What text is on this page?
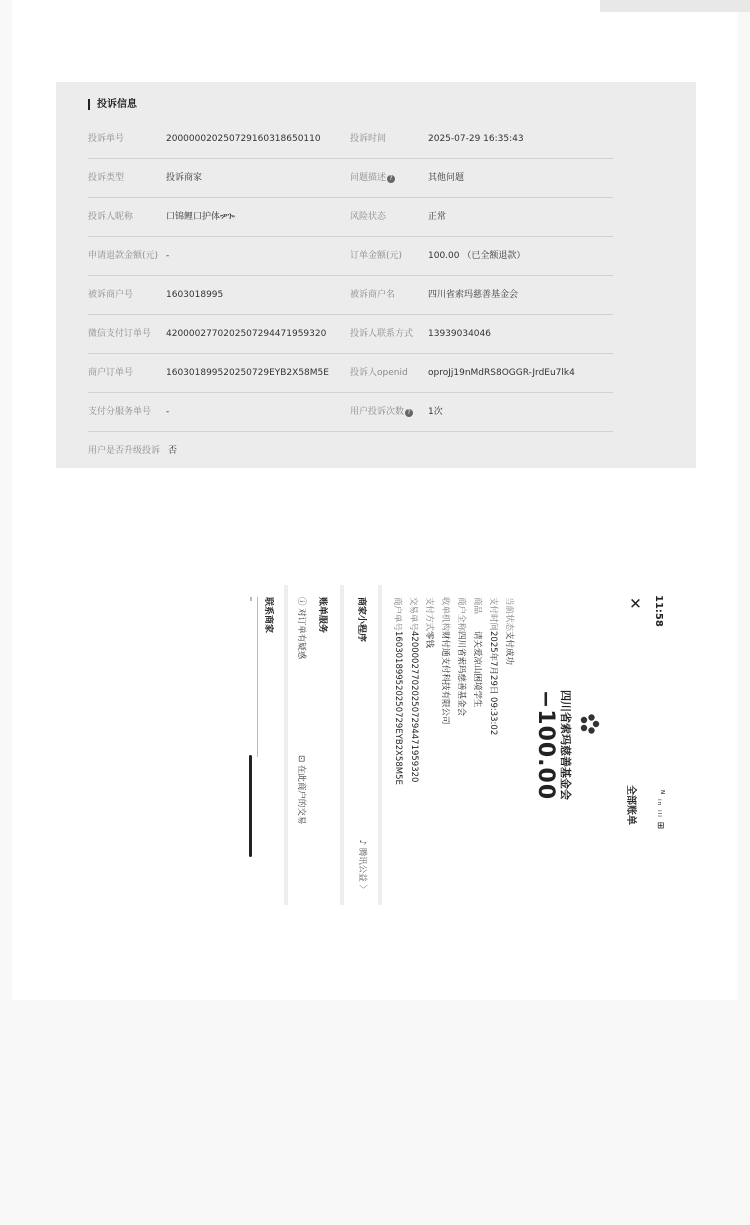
投诉信息
投诉单号	200000020250729160318650110	投诉时间	2025-07-29 16:35:43
投诉类型	投诉商家	问题描述 ?	其他问题
投诉人昵称	口锦鲤口护体ዏጐ	风险状态	正常
申请退款金额(元) -	订单金额(元)	100.00 （已全额退款）
被诉商户号	1603018995	被诉商户名	四川省索玛慈善基金会
微信支付订单号 4200002770202507294471959320	投诉人联系方式 13939034046
商户订单号	16030189952025072​9EYB2X58M5E 投诉人openid oproJj19nMdRS8OGGR-JrdEu7lk4
支付分服务单号 -	用户投诉次数 ? 1次
用户是否升级投诉 否
11:58
ᴺ ᵢₙ ᵢₗₗ ⊞
✕
全部账单
四川省索玛慈善基金会
−100.00
当前状态
支付成功
支付时间
2025年7月29日 09:33:02
商品
请关爱凉山困境学生
商户全称
四川省索玛慈善基金会
收单机构
财付通支付科技有限公司
支付方式
零钱
交易单号
4200002770202507294471959320
商户单号
16030189952025072​9EYB2X58M5E
商家小程序
♪ 腾讯公益 〉
账单服务
ⓘ 对订单有疑惑
⊡ 在此商户的交易
联系商家
